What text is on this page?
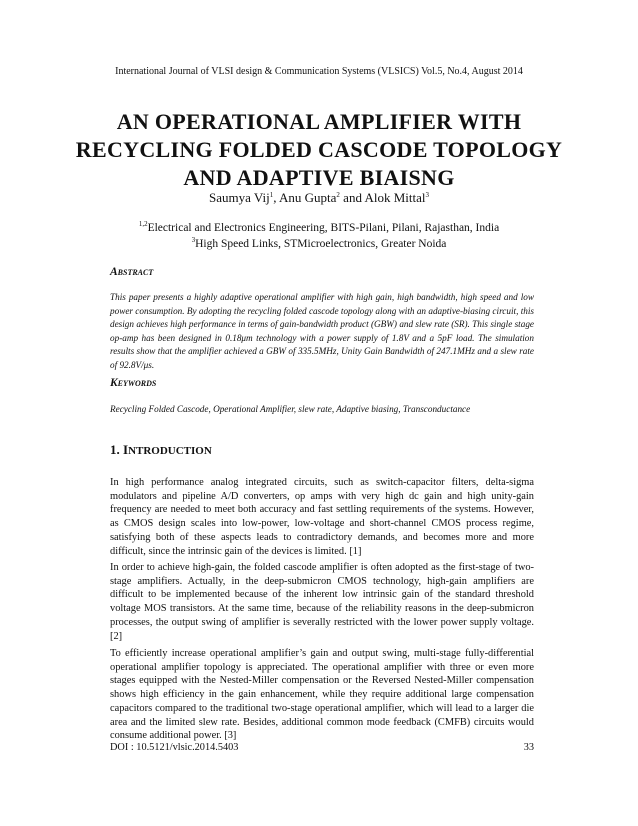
International Journal of VLSI design & Communication Systems (VLSICS) Vol.5, No.4, August 2014
AN OPERATIONAL AMPLIFIER WITH
RECYCLING FOLDED CASCODE TOPOLOGY
AND ADAPTIVE BIAISNG
Saumya Vij$^1$, Anu Gupta$^2$ and Alok Mittal$^3$
$^{1,2}$Electrical and Electronics Engineering, BITS-Pilani, Pilani, Rajasthan, India
$^3$High Speed Links, STMicroelectronics, Greater Noida
Abstract
This paper presents a highly adaptive operational amplifier with high gain, high bandwidth, high speed and low power consumption. By adopting the recycling folded cascode topology along with an adaptive-biasing circuit, this design achieves high performance in terms of gain-bandwidth product (GBW) and slew rate (SR). This single stage op-amp has been designed in 0.18μm technology with a power supply of 1.8V and a 5pF load. The simulation results show that the amplifier achieved a GBW of 335.5MHz, Unity Gain Bandwidth of 247.1MHz and a slew rate of 92.8V/μs.
Keywords
Recycling Folded Cascode, Operational Amplifier, slew rate, Adaptive biasing, Transconductance
1. INTRODUCTION
In high performance analog integrated circuits, such as switch-capacitor filters, delta-sigma modulators and pipeline A/D converters, op amps with very high dc gain and high unity-gain frequency are needed to meet both accuracy and fast settling requirements of the systems. However, as CMOS design scales into low-power, low-voltage and short-channel CMOS process regime, satisfying both of these aspects leads to contradictory demands, and becomes more and more difficult, since the intrinsic gain of the devices is limited. [1]
In order to achieve high-gain, the folded cascode amplifier is often adopted as the first-stage of two-stage amplifiers. Actually, in the deep-submicron CMOS technology, high-gain amplifiers are difficult to be implemented because of the inherent low intrinsic gain of the standard threshold voltage MOS transistors. At the same time, because of the reliability reasons in the deep-submicron processes, the output swing of amplifier is severally restricted with the lower power supply voltage. [2]
To efficiently increase operational amplifier’s gain and output swing, multi-stage fully-differential operational amplifier topology is appreciated. The operational amplifier with three or even more stages equipped with the Nested-Miller compensation or the Reversed Nested-Miller compensation shows high efficiency in the gain enhancement, while they require additional large compensation capacitors compared to the traditional two-stage operational amplifier, which will lead to a larger die area and the limited slew rate. Besides, additional common mode feedback (CMFB) circuits would consume additional power. [3]
DOI : 10.5121/vlsic.2014.5403	33
